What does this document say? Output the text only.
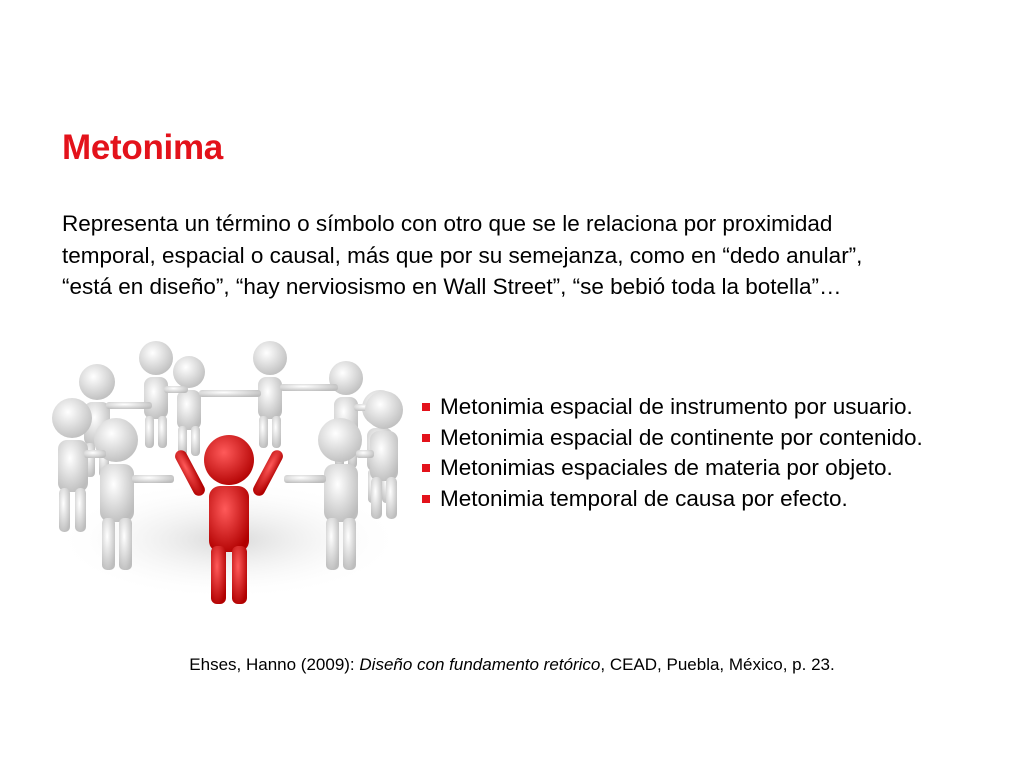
Metonima

Representa un término o símbolo con otro que se le relaciona por proximidad temporal, espacial o causal, más que por su semejanza, como en “dedo anular”, “está en diseño”, “hay nerviosismo en Wall Street”, “se bebió toda la botella”…

Metonimia espacial de instrumento por usuario.
Metonimia espacial de continente por contenido.
Metonimias espaciales de materia por objeto.
Metonimia temporal de causa por efecto.

Ehses, Hanno (2009): Diseño con fundamento retórico, CEAD, Puebla, México, p. 23.
